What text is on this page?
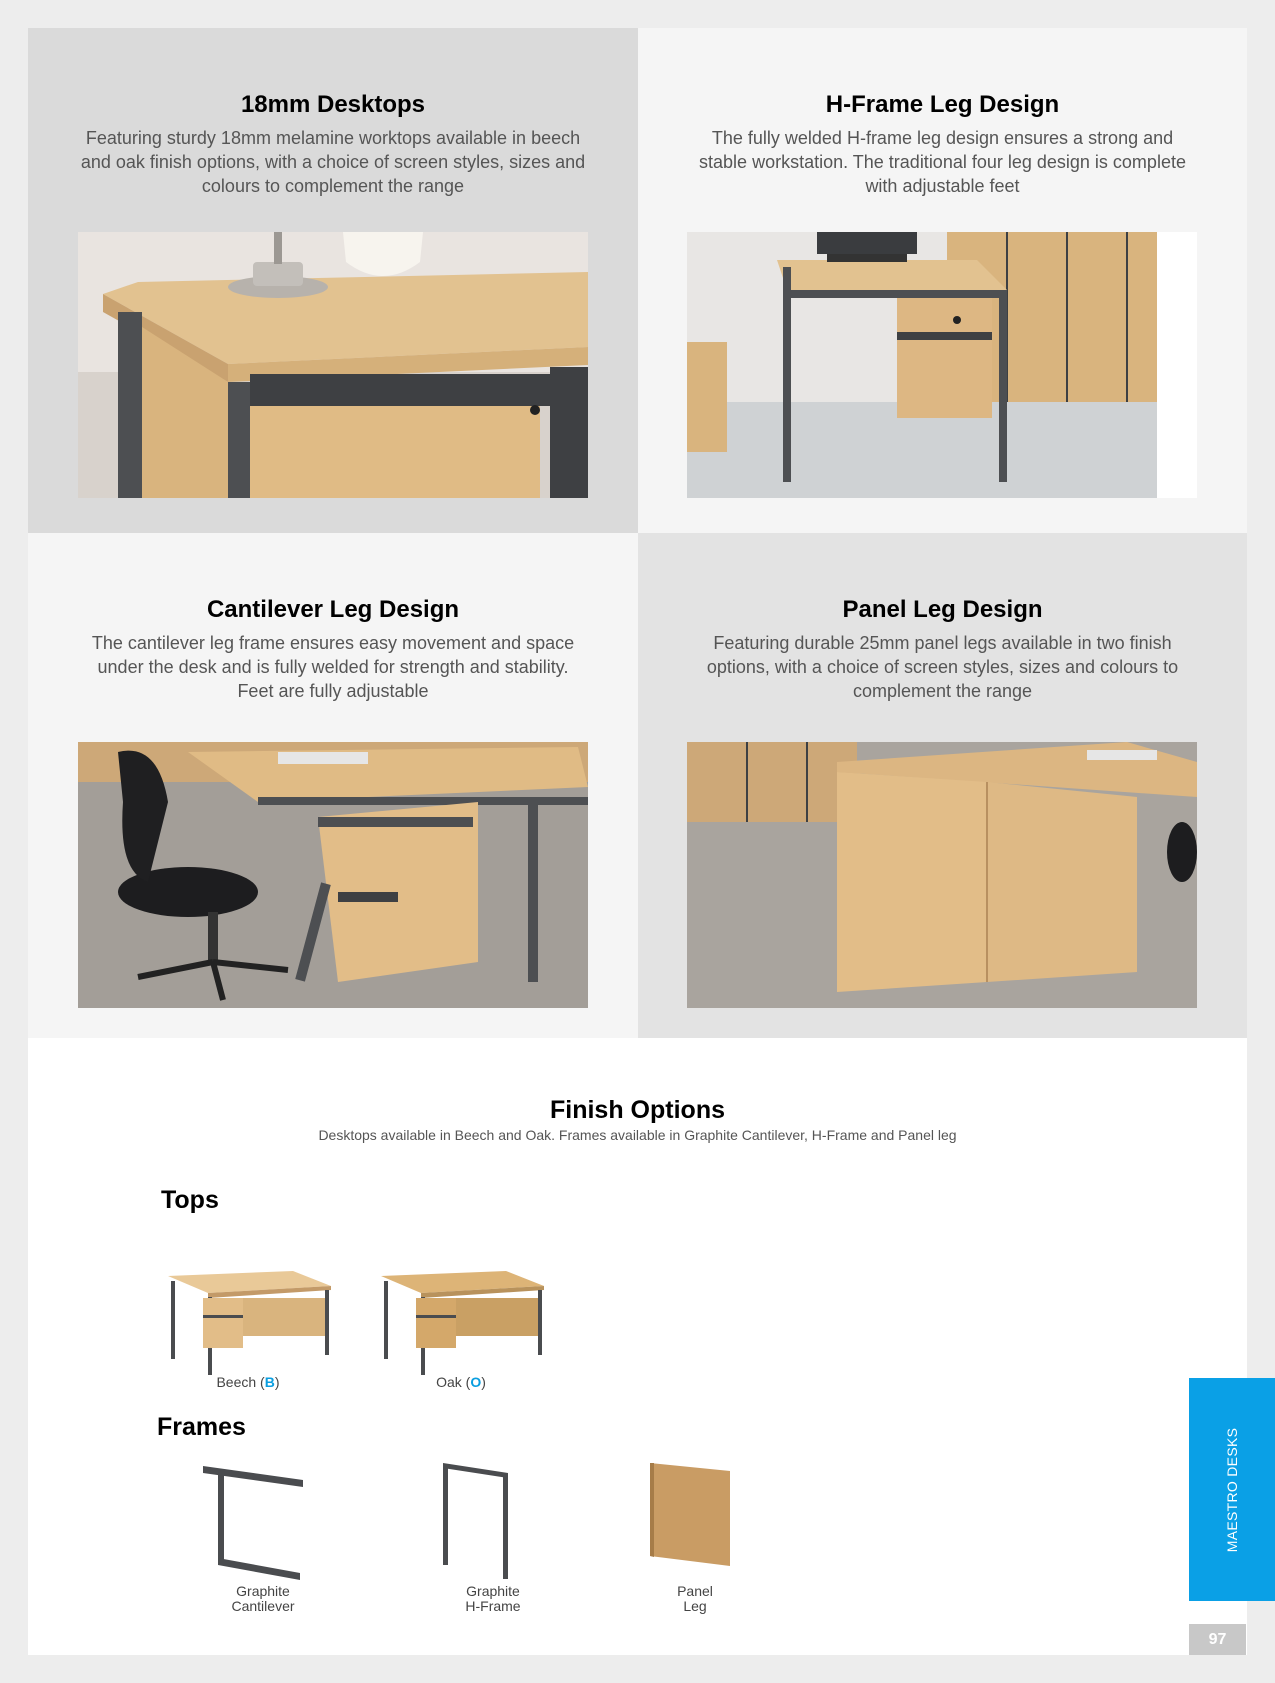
18mm Desktops

Featuring sturdy 18mm melamine worktops available in beech and oak finish options, with a choice of screen styles, sizes and colours to complement the range

H-Frame Leg Design

The fully welded H-frame leg design ensures a strong and stable workstation. The traditional four leg design is complete with adjustable feet

Cantilever Leg Design

The cantilever leg frame ensures easy movement and space under the desk and is fully welded for strength and stability. Feet are fully adjustable

Panel Leg Design

Featuring durable 25mm panel legs available in two finish options, with a choice of screen styles, sizes and colours to complement the range

Finish Options
Desktops available in Beech and Oak. Frames available in Graphite Cantilever, H-Frame and Panel leg
Tops
Beech (B)	Oak (O)
Frames
Graphite
Cantilever
Graphite
H-Frame
Panel
Leg
MAESTRO DESKS
97
